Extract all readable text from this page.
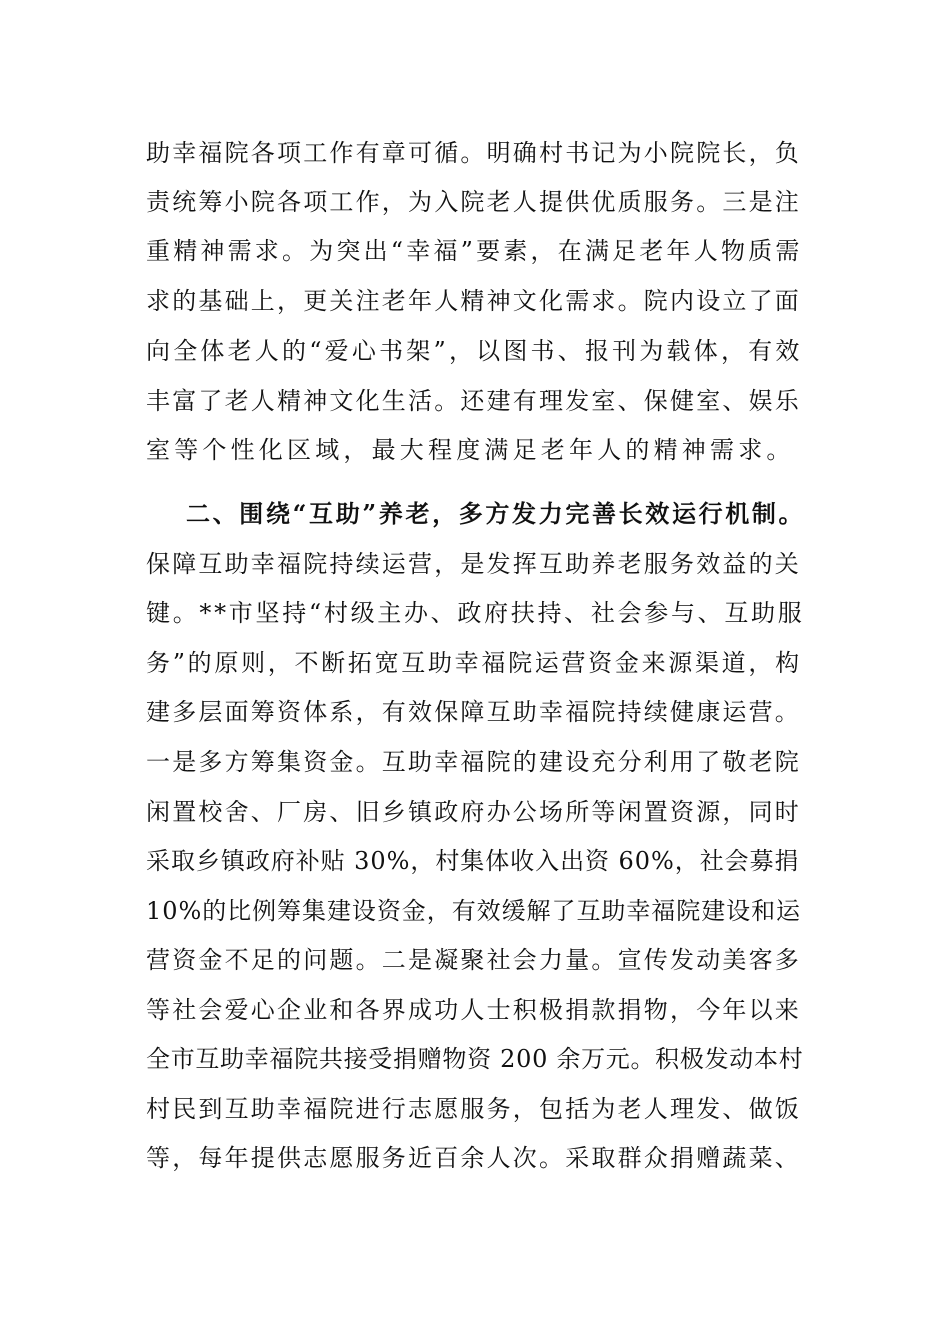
助幸福院各项工作有章可循。明确村书记为小院院长，负
责统筹小院各项工作，为入院老人提供优质服务。三是注
重精神需求。为突出“幸福”要素，在满足老年人物质需
求的基础上，更关注老年人精神文化需求。院内设立了面
向全体老人的“爱心书架”，以图书、报刊为载体，有效
丰富了老人精神文化生活。还建有理发室、保健室、娱乐
室等个性化区域，最大程度满足老年人的精神需求。
二、围绕“互助”养老，多方发力完善长效运行机制。
保障互助幸福院持续运营，是发挥互助养老服务效益的关
键。**市坚持“村级主办、政府扶持、社会参与、互助服
务”的原则，不断拓宽互助幸福院运营资金来源渠道，构
建多层面筹资体系，有效保障互助幸福院持续健康运营。
一是多方筹集资金。互助幸福院的建设充分利用了敬老院
闲置校舍、厂房、旧乡镇政府办公场所等闲置资源，同时
采取乡镇政府补贴 30%，村集体收入出资 60%，社会募捐
10%的比例筹集建设资金，有效缓解了互助幸福院建设和运
营资金不足的问题。二是凝聚社会力量。宣传发动美客多
等社会爱心企业和各界成功人士积极捐款捐物，今年以来
全市互助幸福院共接受捐赠物资 200 余万元。积极发动本村
村民到互助幸福院进行志愿服务，包括为老人理发、做饭
等，每年提供志愿服务近百余人次。采取群众捐赠蔬菜、
